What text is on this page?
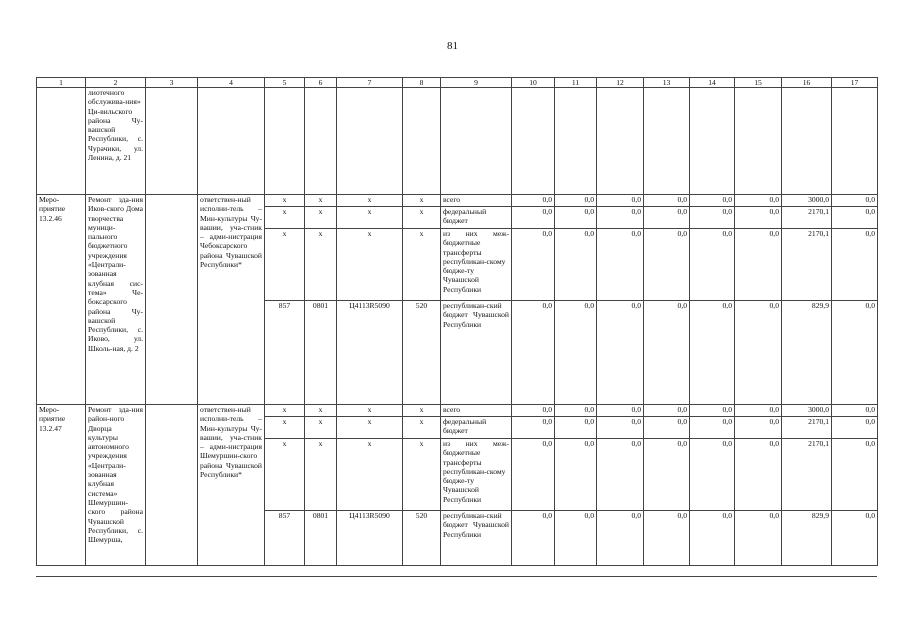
81
1	2	3	4	5	6	7	8	9	10	11	12	13	14	15	16	17
	лиотечного обслужива-ния» Ци-вильского района Чу-вашской Республики, с. Чурачики, ул. Ленина, д. 21															
Меро-приятие 13.2.46	Ремонт зда-ния Иков-ского Дома творчества муници-пального бюджетного учреждения «Централи-зованная клубная сис-тема» Че-боксарского района Чу-вашской Республики, с. Иково, ул. Школь-ная, д. 2		ответствен-ный исполни-тель – Мин-культуры Чу-вашии, уча-стник – адми-нистрация Чебоксарского района Чувашской Республики*	x	x	x	x	всего	0,0	0,0	0,0	0,0	0,0	0,0	3000,0	0,0
				x	x	x	x	федеральный бюджет	0,0	0,0	0,0	0,0	0,0	0,0	2170,1	0,0
				x	x	x	x	из них меж-бюджетные трансферты республикан-скому бюдже-ту Чувашской Республики	0,0	0,0	0,0	0,0	0,0	0,0	2170,1	0,0
				857	0801	Ц4113R5090	520	республикан-ский бюджет Чувашской Республики	0,0	0,0	0,0	0,0	0,0	0,0	829,9	0,0
Меро-приятие 13.2.47	Ремонт зда-ния район-ного Дворца культуры автономного учреждения «Централи-зованная клубная система» Шемуршин-ского района Чувашской Республики, с. Шемурша,		ответствен-ный исполни-тель – Мин-культуры Чу-вашии, уча-стник – адми-нистрация Шемуршин-ского района Чувашской Республики*	x	x	x	x	всего	0,0	0,0	0,0	0,0	0,0	0,0	3000,0	0,0
				x	x	x	x	федеральный бюджет	0,0	0,0	0,0	0,0	0,0	0,0	2170,1	0,0
				x	x	x	x	из них меж-бюджетные трансферты республикан-скому бюдже-ту Чувашской Республики	0,0	0,0	0,0	0,0	0,0	0,0	2170,1	0,0
				857	0801	Ц4113R5090	520	республикан-ский бюджет Чувашской Республики	0,0	0,0	0,0	0,0	0,0	0,0	829,9	0,0
